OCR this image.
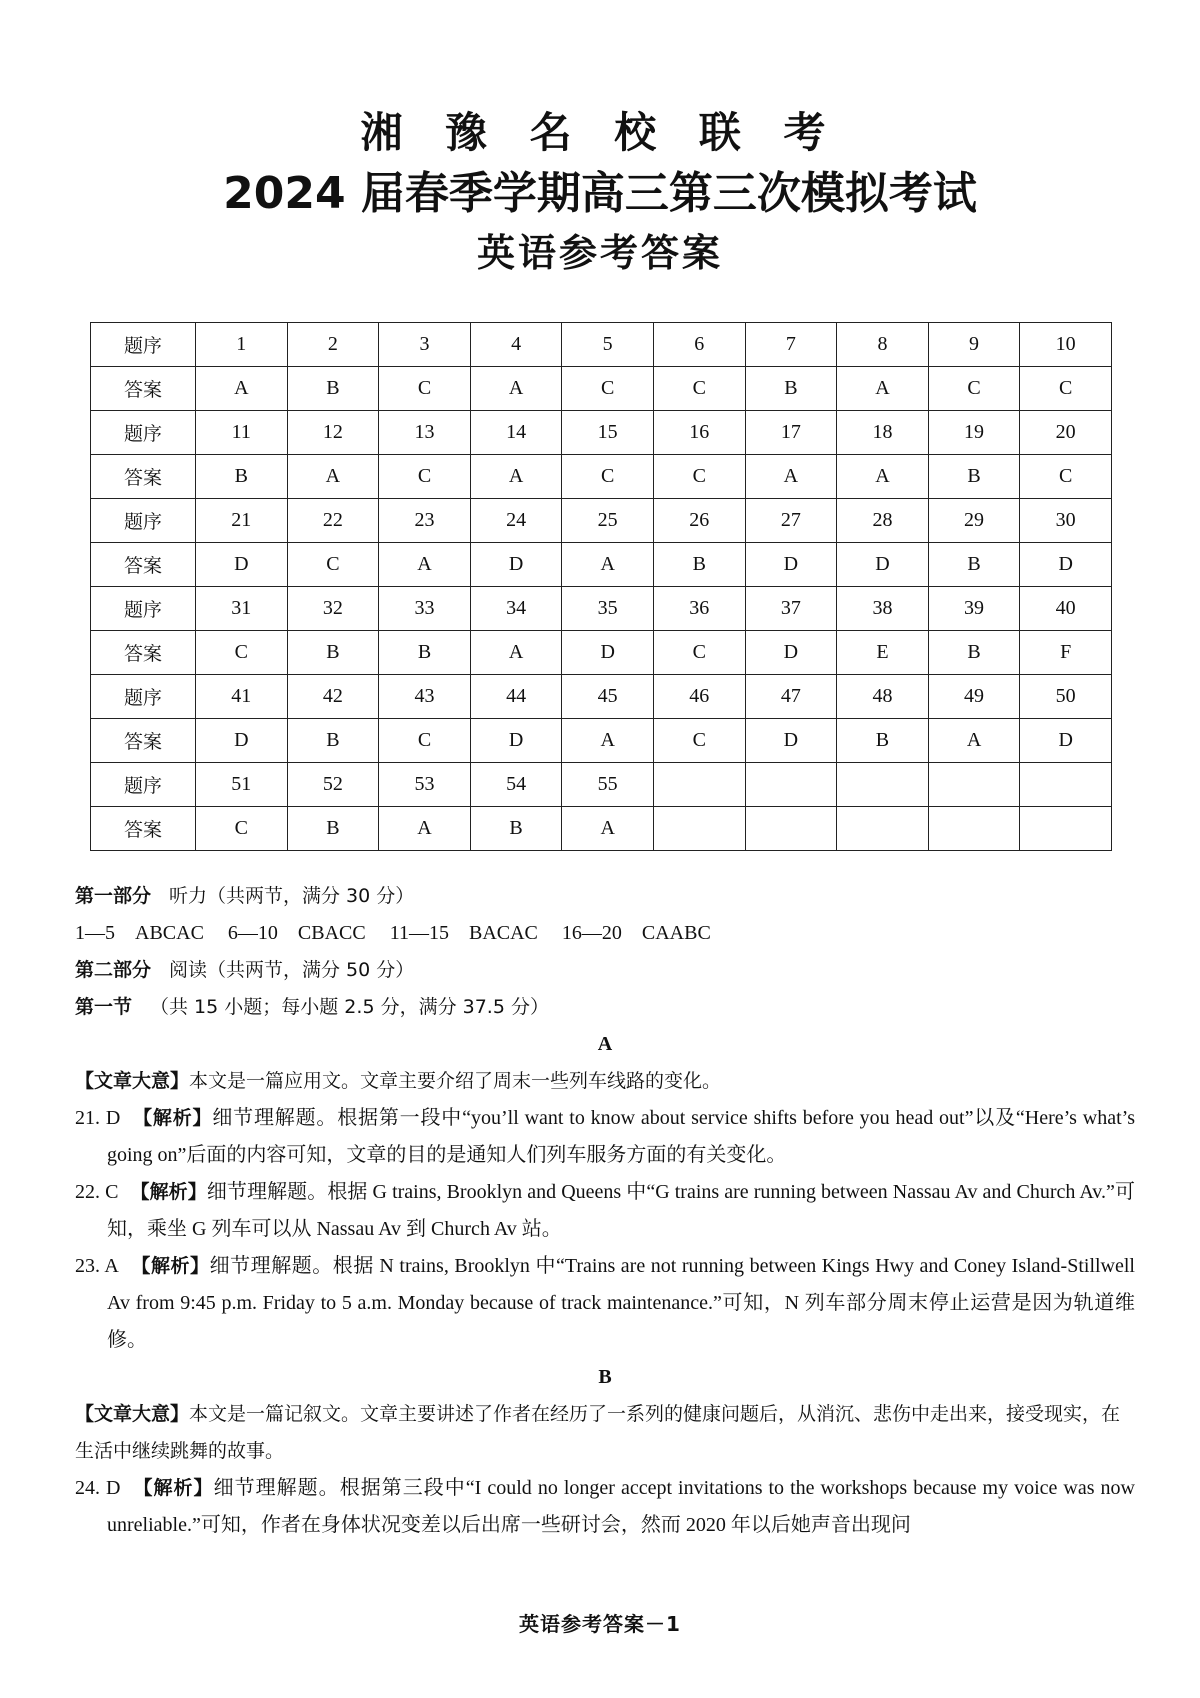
湘 豫 名 校 联 考
2024 届春季学期高三第三次模拟考试
英语参考答案
题序	1	2	3	4	5	6	7	8	9	10
答案	A	B	C	A	C	C	B	A	C	C
题序	11	12	13	14	15	16	17	18	19	20
答案	B	A	C	A	C	C	A	A	B	C
题序	21	22	23	24	25	26	27	28	29	30
答案	D	C	A	D	A	B	D	D	B	D
题序	31	32	33	34	35	36	37	38	39	40
答案	C	B	B	A	D	C	D	E	B	F
题序	41	42	43	44	45	46	47	48	49	50
答案	D	B	C	D	A	C	D	B	A	D
题序	51	52	53	54	55					
答案	C	B	A	B	A					

第一部分 听力（共两节，满分 30 分）

1—5　ABCAC 6—10　CBACC 11—15　BACAC 16—20　CAABC

第二部分 阅读（共两节，满分 50 分）

第一节 （共 15 小题；每小题 2.5 分，满分 37.5 分）

A

【文章大意】本文是一篇应用文。文章主要介绍了周末一些列车线路的变化。

21. D 【解析】细节理解题。根据第一段中“you’ll want to know about service shifts before you head out”以及“Here’s what’s going on”后面的内容可知，文章的目的是通知人们列车服务方面的有关变化。

22. C 【解析】细节理解题。根据 G trains, Brooklyn and Queens 中“G trains are running between Nassau Av and Church Av.”可知，乘坐 G 列车可以从 Nassau Av 到 Church Av 站。

23. A 【解析】细节理解题。根据 N trains, Brooklyn 中“Trains are not running between Kings Hwy and Coney Island-Stillwell Av from 9:45 p.m. Friday to 5 a.m. Monday because of track maintenance.”可知，N 列车部分周末停止运营是因为轨道维修。

B

【文章大意】本文是一篇记叙文。文章主要讲述了作者在经历了一系列的健康问题后，从消沉、悲伤中走出来，接受现实，在生活中继续跳舞的故事。

24. D 【解析】细节理解题。根据第三段中“I could no longer accept invitations to the workshops because my voice was now unreliable.”可知，作者在身体状况变差以后出席一些研讨会，然而 2020 年以后她声音出现问

英语参考答案－1
